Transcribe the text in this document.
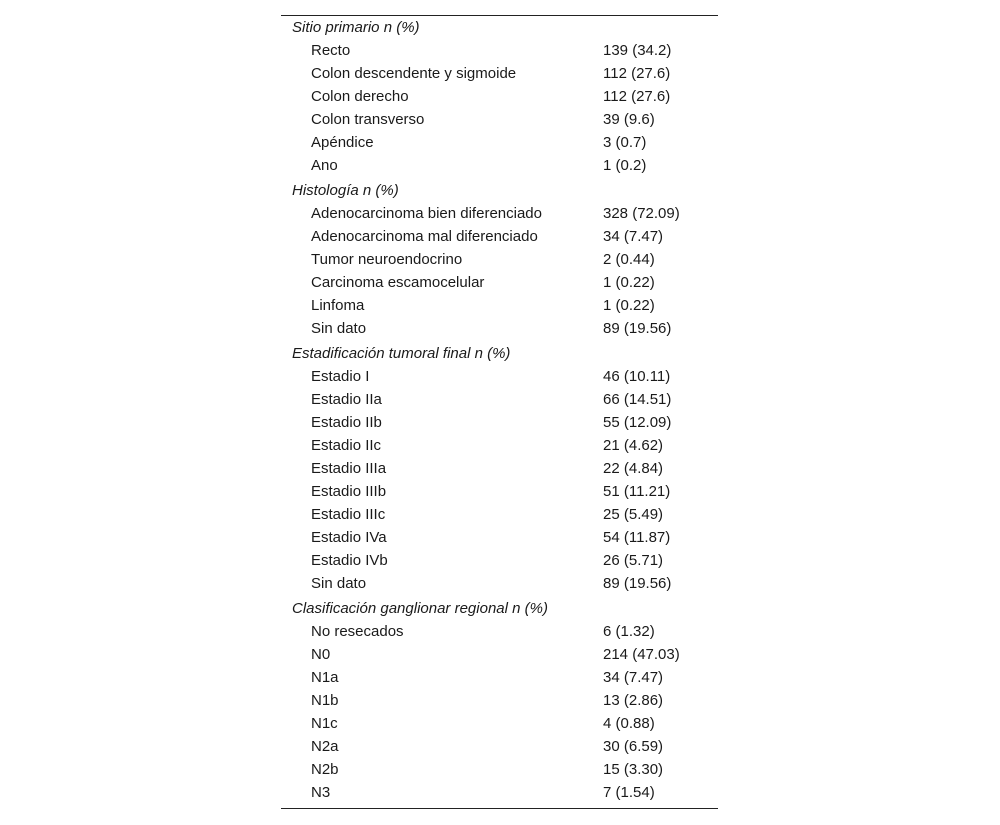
Sitio primario n (%)
Recto	139 (34.2)
Colon descendente y sigmoide	112 (27.6)
Colon derecho	112 (27.6)
Colon transverso	39 (9.6)
Apéndice	3 (0.7)
Ano	1 (0.2)
Histología n (%)
Adenocarcinoma bien diferenciado	328 (72.09)
Adenocarcinoma mal diferenciado	34 (7.47)
Tumor neuroendocrino	2 (0.44)
Carcinoma escamocelular	1 (0.22)
Linfoma	1 (0.22)
Sin dato	89 (19.56)
Estadificación tumoral final n (%)
Estadio I	46 (10.11)
Estadio IIa	66 (14.51)
Estadio IIb	55 (12.09)
Estadio IIc	21 (4.62)
Estadio IIIa	22 (4.84)
Estadio IIIb	51 (11.21)
Estadio IIIc	25 (5.49)
Estadio IVa	54 (11.87)
Estadio IVb	26 (5.71)
Sin dato	89 (19.56)
Clasificación ganglionar regional n (%)
No resecados	6 (1.32)
N0	214 (47.03)
N1a	34 (7.47)
N1b	13 (2.86)
N1c	4 (0.88)
N2a	30 (6.59)
N2b	15 (3.30)
N3	7 (1.54)
